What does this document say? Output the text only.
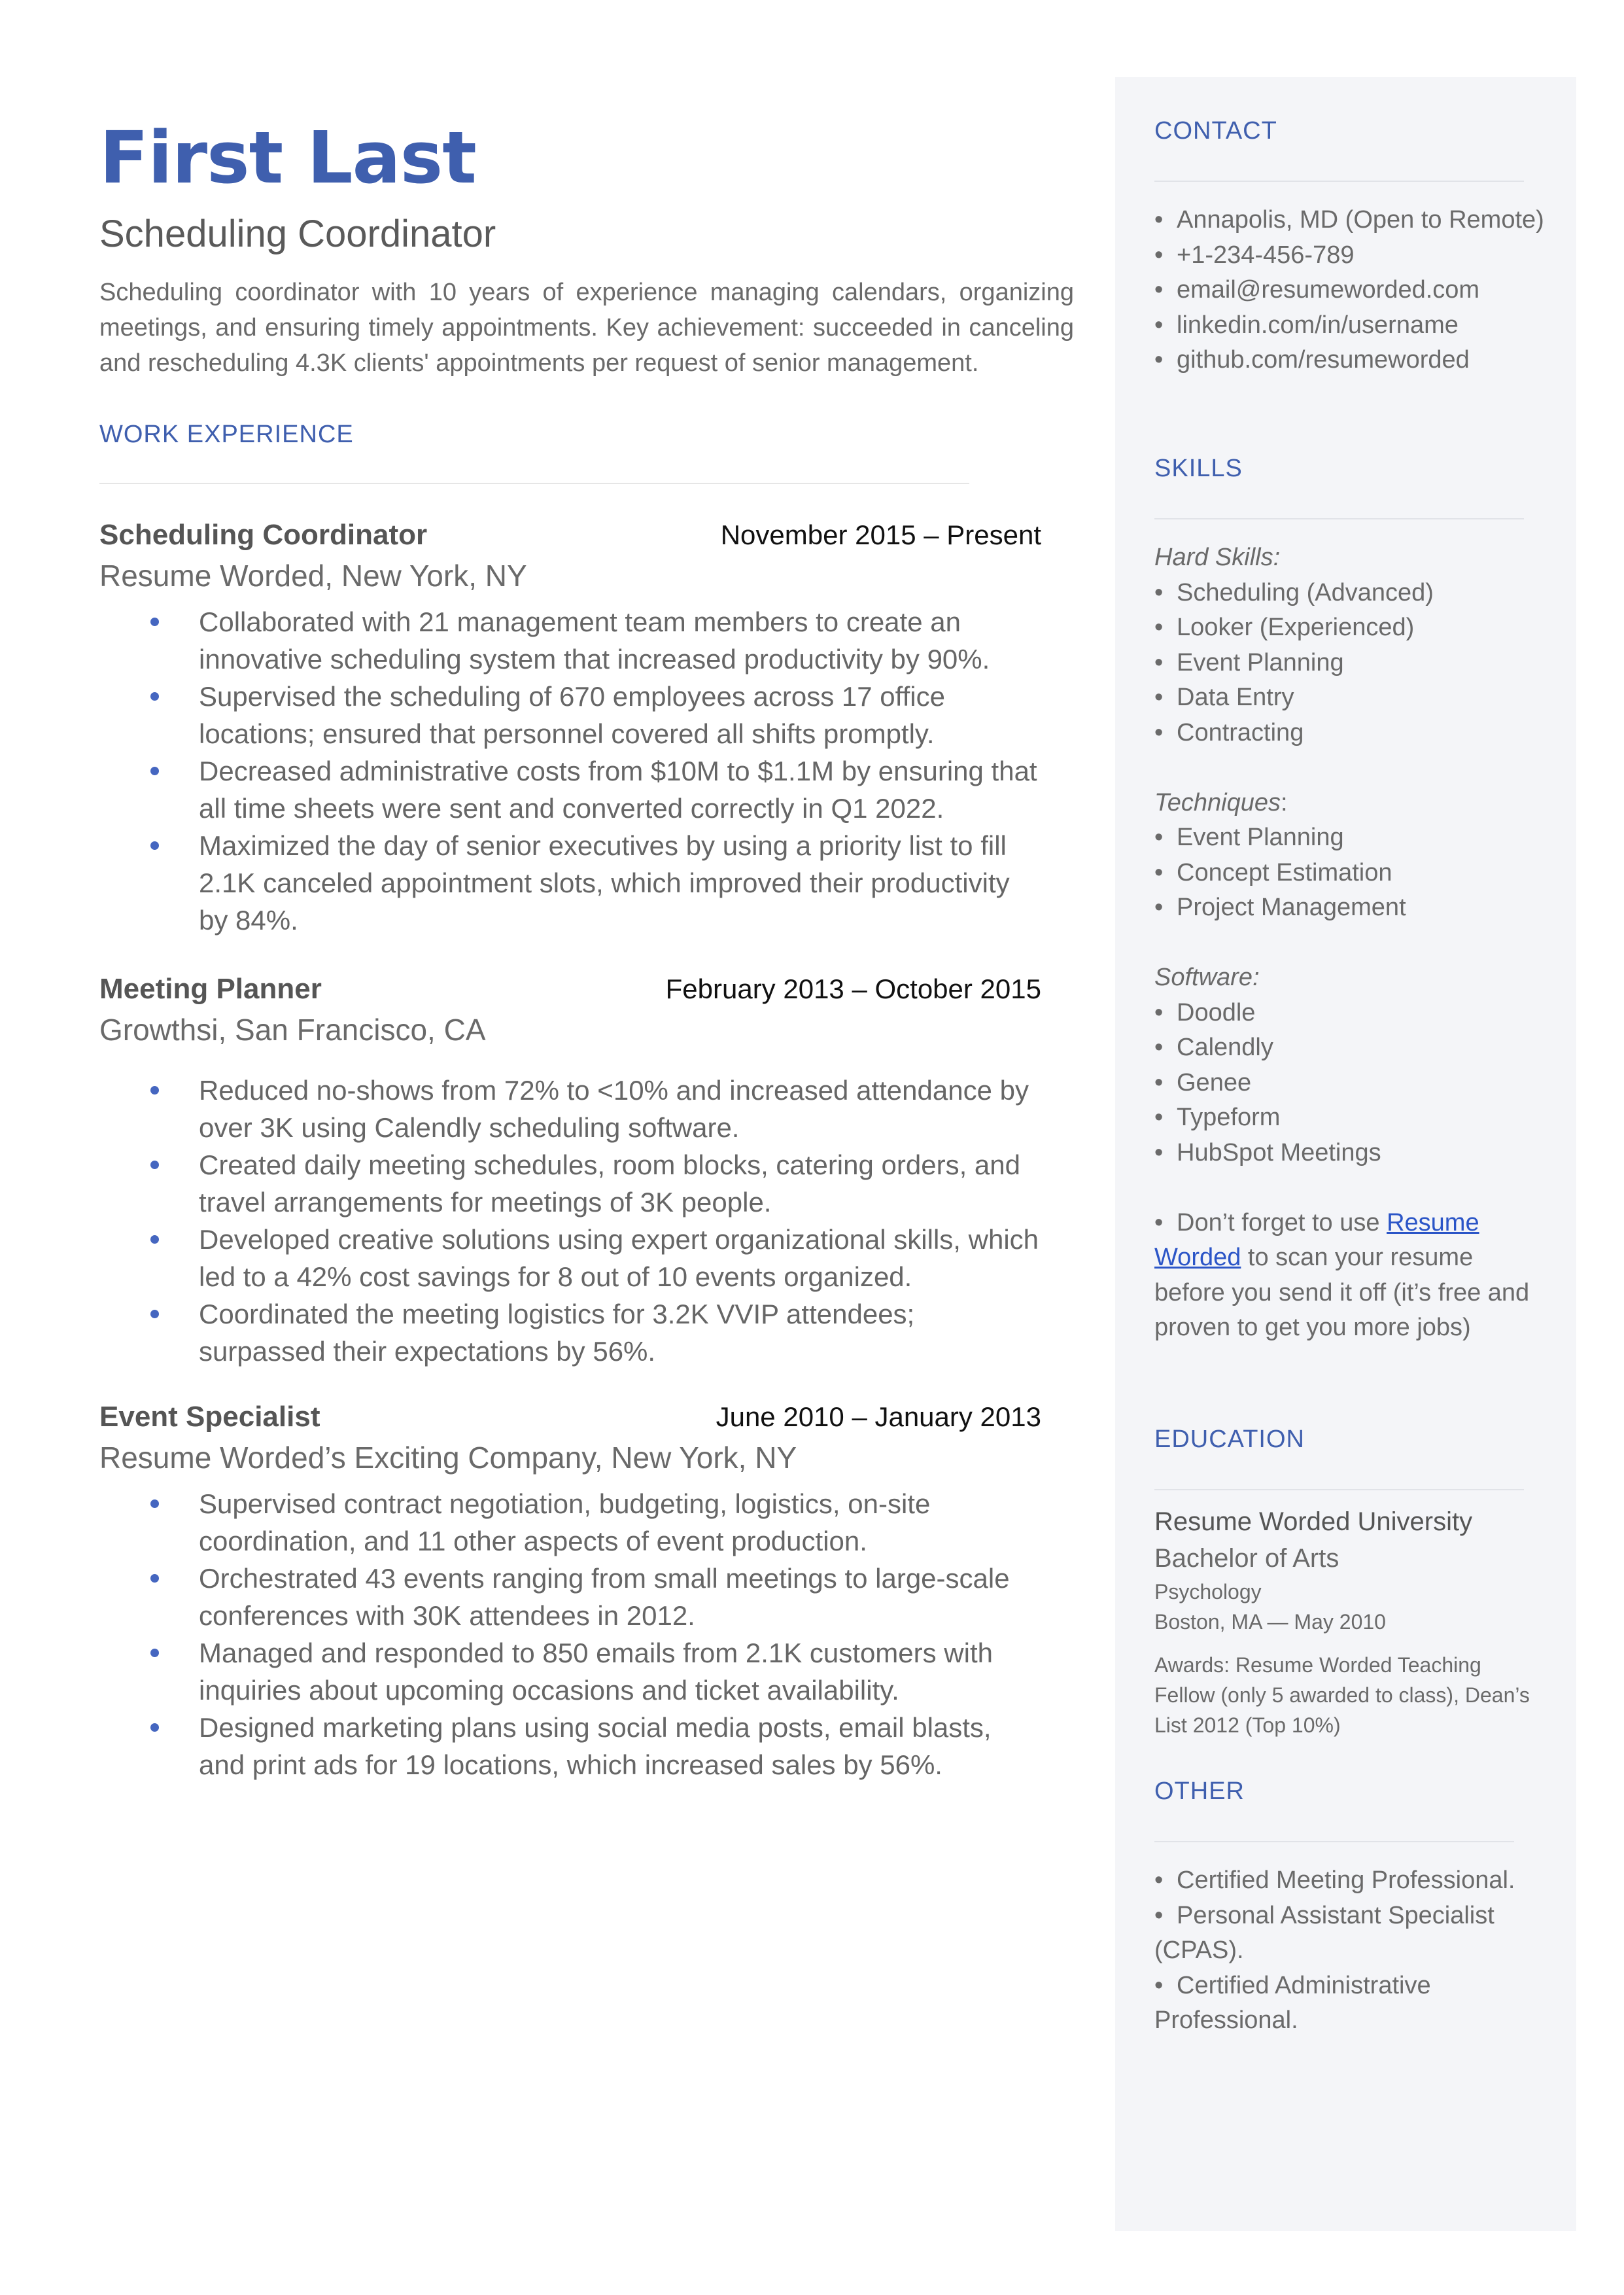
First Last
Scheduling Coordinator
Scheduling coordinator with 10 years of experience managing calendars, organizing meetings, and ensuring timely appointments. Key achievement: succeeded in canceling and rescheduling 4.3K clients' appointments per request of senior management.
WORK EXPERIENCE
Scheduling Coordinator	November 2015 – Present
Resume Worded, New York, NY
Collaborated with 21 management team members to create an innovative scheduling system that increased productivity by 90%.
Supervised the scheduling of 670 employees across 17 office locations; ensured that personnel covered all shifts promptly.
Decreased administrative costs from $10M to $1.1M by ensuring that all time sheets were sent and converted correctly in Q1 2022.
Maximized the day of senior executives by using a priority list to fill 2.1K canceled appointment slots, which improved their productivity by 84%.
Meeting Planner	February 2013 – October 2015
Growthsi, San Francisco, CA
Reduced no-shows from 72% to <10% and increased attendance by over 3K using Calendly scheduling software.
Created daily meeting schedules, room blocks, catering orders, and travel arrangements for meetings of 3K people.
Developed creative solutions using expert organizational skills, which led to a 42% cost savings for 8 out of 10 events organized.
Coordinated the meeting logistics for 3.2K VVIP attendees; surpassed their expectations by 56%.
Event Specialist	June 2010 – January 2013
Resume Worded’s Exciting Company, New York, NY
Supervised contract negotiation, budgeting, logistics, on-site coordination, and 11 other aspects of event production.
Orchestrated 43 events ranging from small meetings to large-scale conferences with 30K attendees in 2012.
Managed and responded to 850 emails from 2.1K customers with inquiries about upcoming occasions and ticket availability.
Designed marketing plans using social media posts, email blasts, and print ads for 19 locations, which increased sales by 56%.
CONTACT
• Annapolis, MD (Open to Remote)
• +1-234-456-789
• email@resumeworded.com
• linkedin.com/in/username
• github.com/resumeworded
SKILLS
Hard Skills:
• Scheduling (Advanced)
• Looker (Experienced)
• Event Planning
• Data Entry
• Contracting
Techniques:
• Event Planning
• Concept Estimation
• Project Management
Software:
• Doodle
• Calendly
• Genee
• Typeform
• HubSpot Meetings
• Don’t forget to use Resume Worded to scan your resume before you send it off (it’s free and proven to get you more jobs)
EDUCATION
Resume Worded University
Bachelor of Arts
Psychology
Boston, MA — May 2010
Awards: Resume Worded Teaching Fellow (only 5 awarded to class), Dean’s List 2012 (Top 10%)
OTHER
• Certified Meeting Professional.
• Personal Assistant Specialist (CPAS).
• Certified Administrative Professional.
